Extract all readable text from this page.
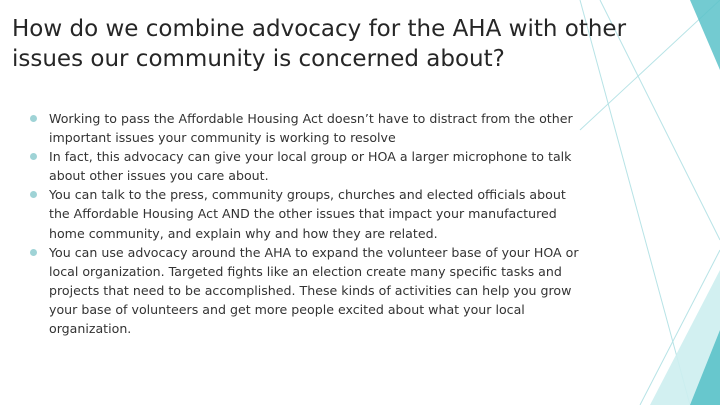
How do we combine advocacy for the AHA with other issues our community is concerned about?
Working to pass the Affordable Housing Act doesn’t have to distract from the other important issues your community is working to resolve
In fact, this advocacy can give your local group or HOA a larger microphone to talk about other issues you care about.
You can talk to the press, community groups, churches and elected officials about the Affordable Housing Act AND the other issues that impact your manufactured home community, and explain why and how they are related.
You can use advocacy around the AHA to expand the volunteer base of your HOA or local organization. Targeted fights like an election create many specific tasks and projects that need to be accomplished. These kinds of activities can help you grow your base of volunteers and get more people excited about what your local organization.
